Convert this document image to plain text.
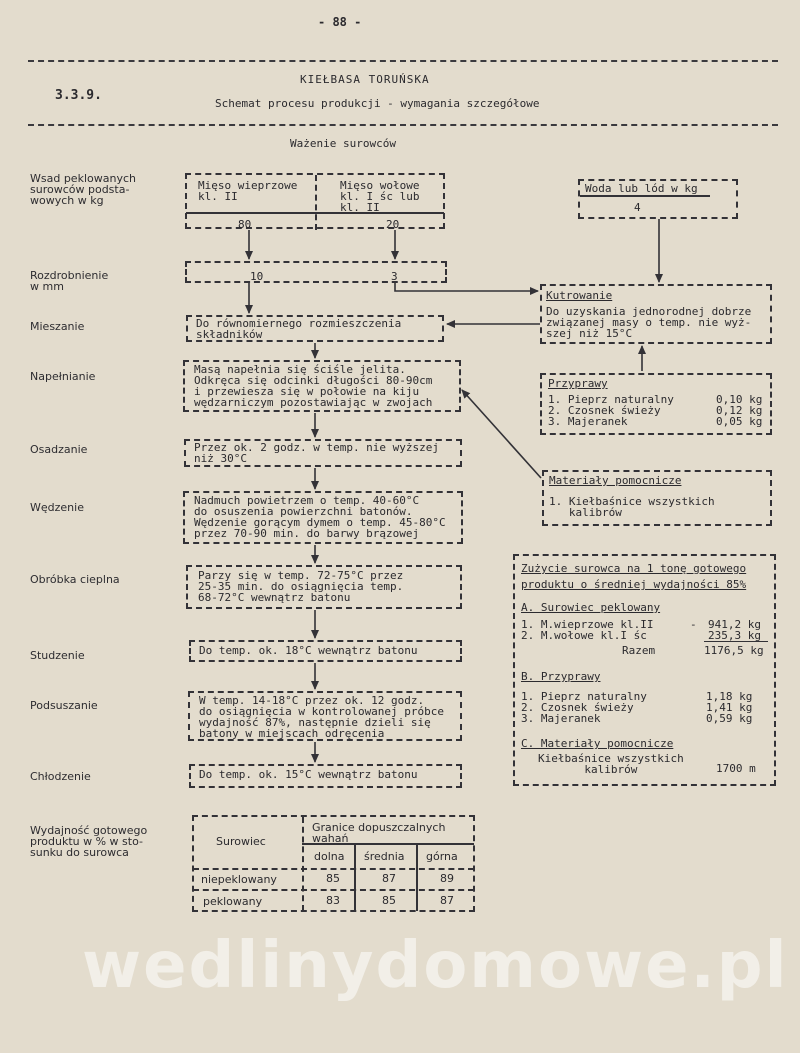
- 88 -
3.3.9.
KIEŁBASA TORUŃSKA
Schemat procesu produkcji - wymagania szczegółowe
Ważenie surowców
Wsad peklowanych
surowców podsta-
wowych w kg
Rozdrobnienie
w mm
Mieszanie
Napełnianie
Osadzanie
Wędzenie
Obróbka cieplna
Studzenie
Podsuszanie
Chłodzenie
Wydajność gotowego
produktu w % w sto-
sunku do surowca
Mięso wieprzowe
kl. II
Mięso wołowe
kl. I śc lub
kl. II
80	20
Woda lub lód w kg
4
10	3
Kutrowanie
Do uzyskania jednorodnej dobrze
związanej masy o temp. nie wyż-
szej niż 15°C
Do równomiernego rozmieszczenia
składników
Masą napełnia się ściśle jelita.
Odkręca się odcinki długości 80-90cm
i przewiesza się w połowie na kiju
wędzarniczym pozostawiając w zwojach
Przez ok. 2 godz. w temp. nie wyższej
niż 30°C
Nadmuch powietrzem o temp. 40-60°C
do osuszenia powierzchni batonów.
Wędzenie gorącym dymem o temp. 45-80°C
przez 70-90 min. do barwy brązowej
Parzy się w temp. 72-75°C przez
25-35 min. do osiągnięcia temp.
68-72°C wewnątrz batonu
Do temp. ok. 18°C wewnątrz batonu
W temp. 14-18°C przez ok. 12 godz.
do osiągnięcia w kontrolowanej próbce
wydajność 87%, następnie dzieli się
batony w miejscach odręcenia
Do temp. ok. 15°C wewnątrz batonu
Przyprawy
1. Pieprz naturalny	0,10 kg
2. Czosnek świeży	0,12 kg
3. Majeranek	0,05 kg
Materiały pomocnicze
1. Kiełbaśnice wszystkich
kalibrów
Zużycie surowca na 1 tonę gotowego
produktu o średniej wydajności 85%
A. Surowiec peklowany
1. M.wieprzowe kl.II	- 941,2 kg
2. M.wołowe kl.I śc	235,3 kg
Razem	1176,5 kg
B. Przyprawy
1. Pieprz naturalny	1,18 kg
2. Czosnek świeży	1,41 kg
3. Majeranek	0,59 kg
C. Materiały pomocnicze
Kiełbaśnice wszystkich
kalibrów	1700 m
Surowiec
Granice dopuszczalnych
wahań
dolna średnia górna
niepeklowany	85	87	89
peklowany	83	85	87
wedlinydomowe.pl
